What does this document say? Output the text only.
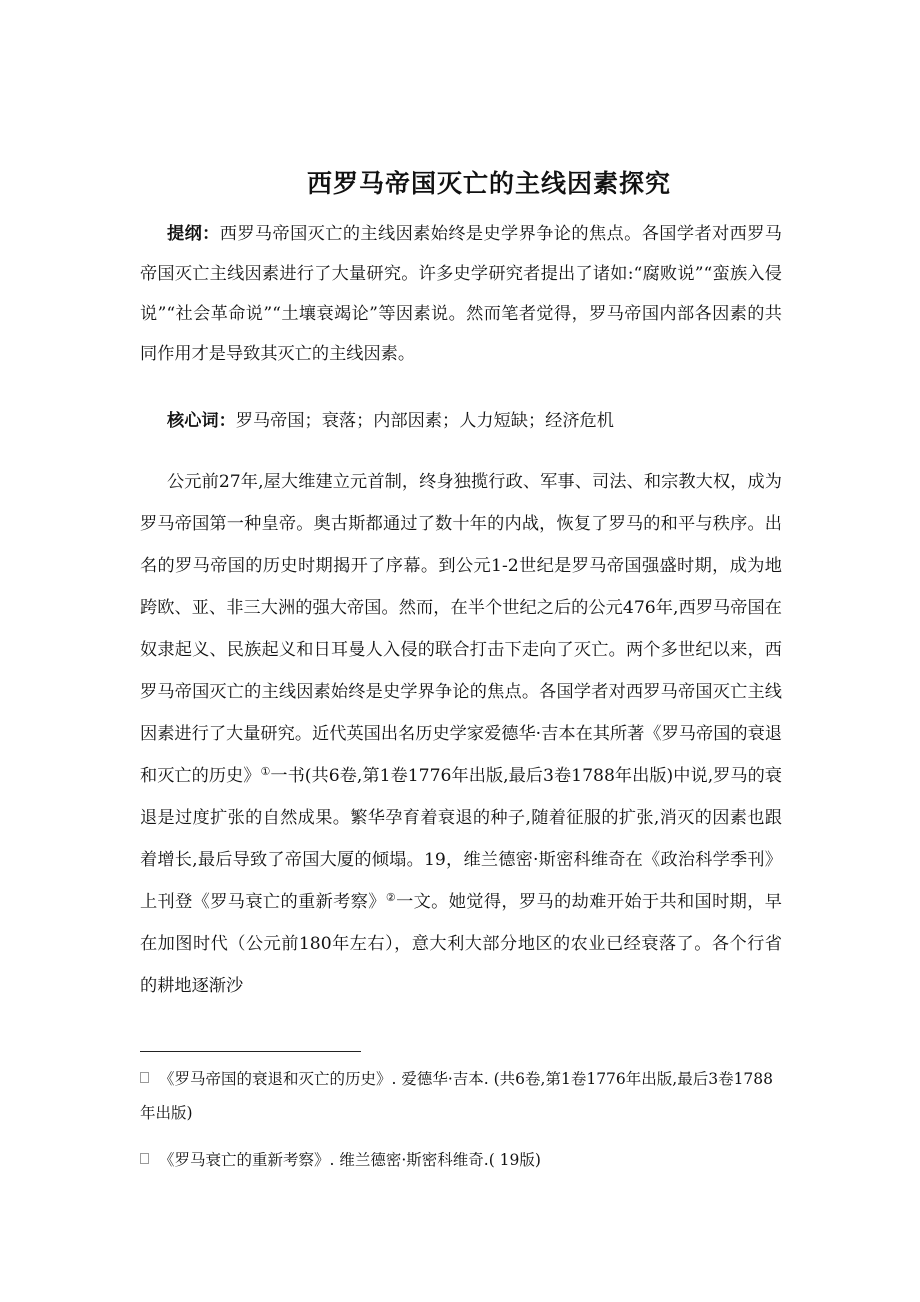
西罗马帝国灭亡的主线因素探究

提纲：西罗马帝国灭亡的主线因素始终是史学界争论的焦点。各国学者对西罗马帝国灭亡主线因素进行了大量研究。许多史学研究者提出了诸如:“腐败说”“蛮族入侵说”“社会革命说”“土壤衰竭论”等因素说。然而笔者觉得，罗马帝国内部各因素的共同作用才是导致其灭亡的主线因素。

核心词：罗马帝国；衰落；内部因素；人力短缺；经济危机

公元前27年,屋大维建立元首制，终身独揽行政、军事、司法、和宗教大权，成为罗马帝国第一种皇帝。奥古斯都通过了数十年的内战，恢复了罗马的和平与秩序。出名的罗马帝国的历史时期揭开了序幕。到公元1-2世纪是罗马帝国强盛时期，成为地跨欧、亚、非三大洲的强大帝国。然而，在半个世纪之后的公元476年,西罗马帝国在奴隶起义、民族起义和日耳曼人入侵的联合打击下走向了灭亡。两个多世纪以来，西罗马帝国灭亡的主线因素始终是史学界争论的焦点。各国学者对西罗马帝国灭亡主线因素进行了大量研究。近代英国出名历史学家爱德华·吉本在其所著《罗马帝国的衰退和灭亡的历史》①一书(共6卷,第1卷1776年出版,最后3卷1788年出版)中说,罗马的衰退是过度扩张的自然成果。繁华孕育着衰退的种子,随着征服的扩张,消灭的因素也跟着增长,最后导致了帝国大厦的倾塌。19，维兰德密·斯密科维奇在《政治科学季刊》上刊登《罗马衰亡的重新考察》②一文。她觉得，罗马的劫难开始于共和国时期，早在加图时代（公元前180年左右），意大利大部分地区的农业已经衰落了。各个行省的耕地逐渐沙

《罗马帝国的衰退和灭亡的历史》. 爱德华·吉本. (共6卷,第1卷1776年出版,最后3卷1788年出版)

《罗马衰亡的重新考察》. 维兰德密·斯密科维奇.( 19版)
